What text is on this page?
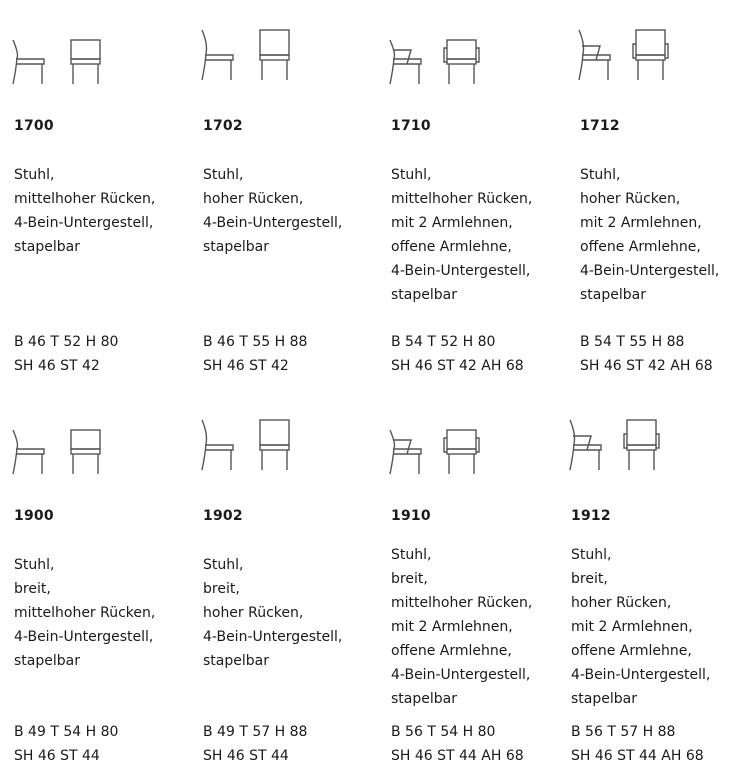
1700
Stuhl,
mittelhoher Rücken,
4-Bein-Untergestell,
stapelbar
B 46 T 52 H 80
SH 46 ST 42
1702
Stuhl,
hoher Rücken,
4-Bein-Untergestell,
stapelbar
B 46 T 55 H 88
SH 46 ST 42
1710
Stuhl,
mittelhoher Rücken,
mit 2 Armlehnen,
offene Armlehne,
4-Bein-Untergestell,
stapelbar
B 54 T 52 H 80
SH 46 ST 42 AH 68
1712
Stuhl,
hoher Rücken,
mit 2 Armlehnen,
offene Armlehne,
4-Bein-Untergestell,
stapelbar
B 54 T 55 H 88
SH 46 ST 42 AH 68
1900
Stuhl,
breit,
mittelhoher Rücken,
4-Bein-Untergestell,
stapelbar
B 49 T 54 H 80
SH 46 ST 44
1902
Stuhl,
breit,
hoher Rücken,
4-Bein-Untergestell,
stapelbar
B 49 T 57 H 88
SH 46 ST 44
1910
Stuhl,
breit,
mittelhoher Rücken,
mit 2 Armlehnen,
offene Armlehne,
4-Bein-Untergestell,
stapelbar
B 56 T 54 H 80
SH 46 ST 44 AH 68
1912
Stuhl,
breit,
hoher Rücken,
mit 2 Armlehnen,
offene Armlehne,
4-Bein-Untergestell,
stapelbar
B 56 T 57 H 88
SH 46 ST 44 AH 68
